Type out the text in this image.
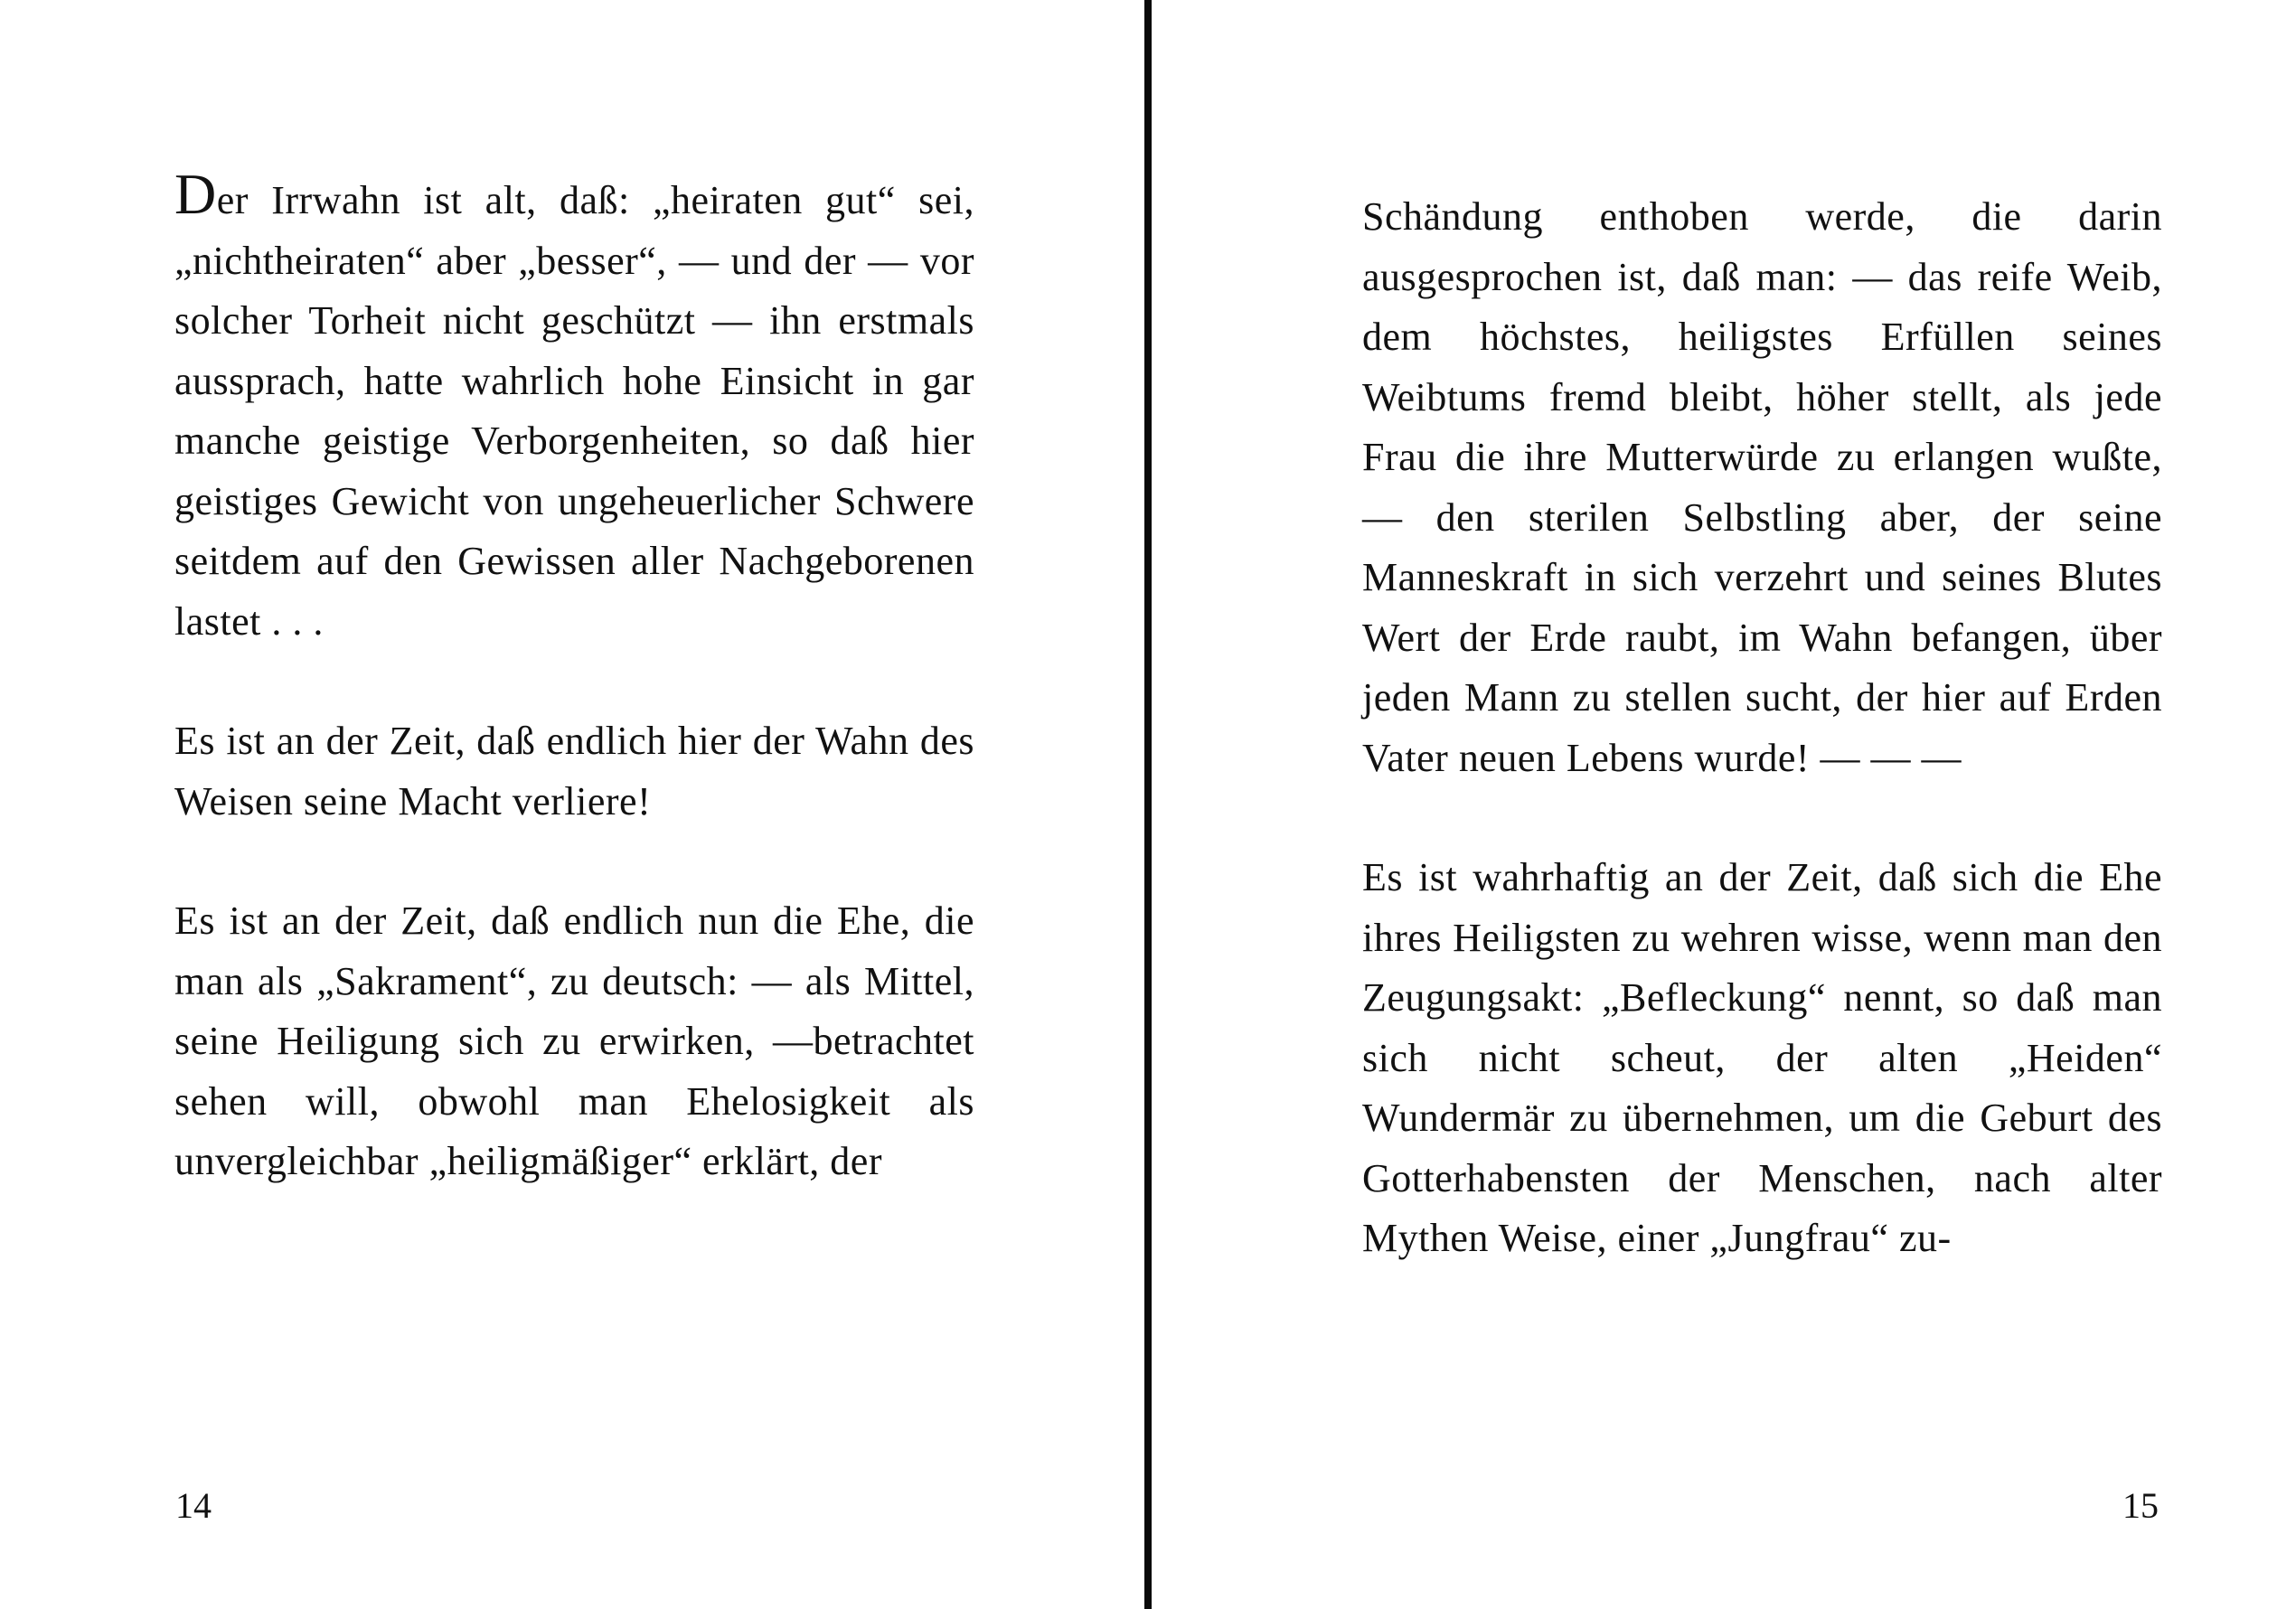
Der Irrwahn ist alt, daß: „heiraten gut“ sei, „nichtheiraten“ aber „besser“, — und der — vor solcher Torheit nicht geschützt — ihn erstmals aussprach, hatte wahrlich hohe Einsicht in gar manche geistige Verborgenheiten, so daß hier geistiges Gewicht von ungeheuerlicher Schwere seitdem auf den Gewissen aller Nachgeborenen lastet . . .

Es ist an der Zeit, daß endlich hier der Wahn des Weisen seine Macht verliere!

Es ist an der Zeit, daß endlich nun die Ehe, die man als „Sakrament“, zu deutsch: — als Mittel, seine Heiligung sich zu erwirken, —betrachtet sehen will, obwohl man Ehelosigkeit als unvergleichbar „heiligmäßiger“ erklärt, der

14

Schändung enthoben werde, die darin ausgesprochen ist, daß man: — das reife Weib, dem höchstes, heiligstes Erfüllen seines Weibtums fremd bleibt, höher stellt, als jede Frau die ihre Mutterwürde zu erlangen wußte, — den sterilen Selbstling aber, der seine Manneskraft in sich verzehrt und seines Blutes Wert der Erde raubt, im Wahn befangen, über jeden Mann zu stellen sucht, der hier auf Erden Vater neuen Lebens wurde! — — —

Es ist wahrhaftig an der Zeit, daß sich die Ehe ihres Heiligsten zu wehren wisse, wenn man den Zeugungsakt: „Befleckung“ nennt, so daß man sich nicht scheut, der alten „Heiden“ Wundermär zu übernehmen, um die Geburt des Gotterhabensten der Menschen, nach alter Mythen Weise, einer „Jungfrau“ zu-

15
